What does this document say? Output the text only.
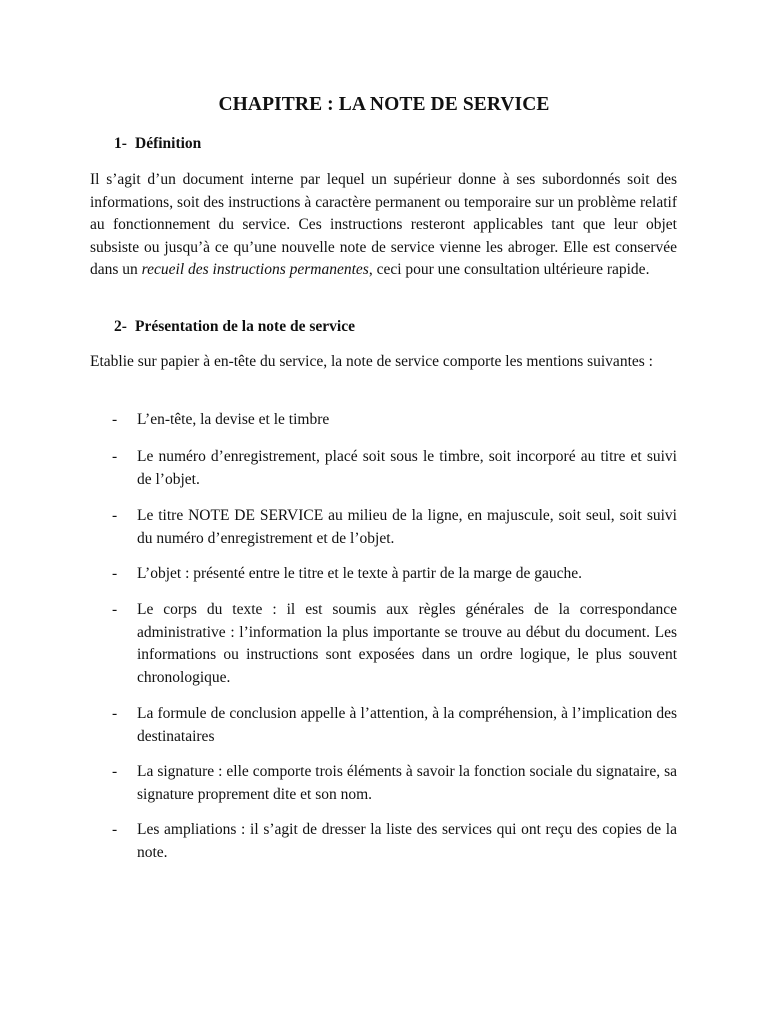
CHAPITRE : LA NOTE DE SERVICE
1- Définition

Il s’agit d’un document interne par lequel un supérieur donne à ses subordonnés soit des informations, soit des instructions à caractère permanent ou temporaire sur un problème relatif au fonctionnement du service. Ces instructions resteront applicables tant que leur objet subsiste ou jusqu’à ce qu’une nouvelle note de service vienne les abroger. Elle est conservée dans un recueil des instructions permanentes, ceci pour une consultation ultérieure rapide.

2- Présentation de la note de service

Etablie sur papier à en-tête du service, la note de service comporte les mentions suivantes :

- L’en-tête, la devise et le timbre
- Le numéro d’enregistrement, placé soit sous le timbre, soit incorporé au titre et suivi de l’objet.
- Le titre NOTE DE SERVICE au milieu de la ligne, en majuscule, soit seul, soit suivi du numéro d’enregistrement et de l’objet.
- L’objet : présenté entre le titre et le texte à partir de la marge de gauche.
- Le corps du texte : il est soumis aux règles générales de la correspondance administrative : l’information la plus importante se trouve au début du document. Les informations ou instructions sont exposées dans un ordre logique, le plus souvent chronologique.
- La formule de conclusion appelle à l’attention, à la compréhension, à l’implication des destinataires
- La signature : elle comporte trois éléments à savoir la fonction sociale du signataire, sa signature proprement dite et son nom.
- Les ampliations : il s’agit de dresser la liste des services qui ont reçu des copies de la note.
